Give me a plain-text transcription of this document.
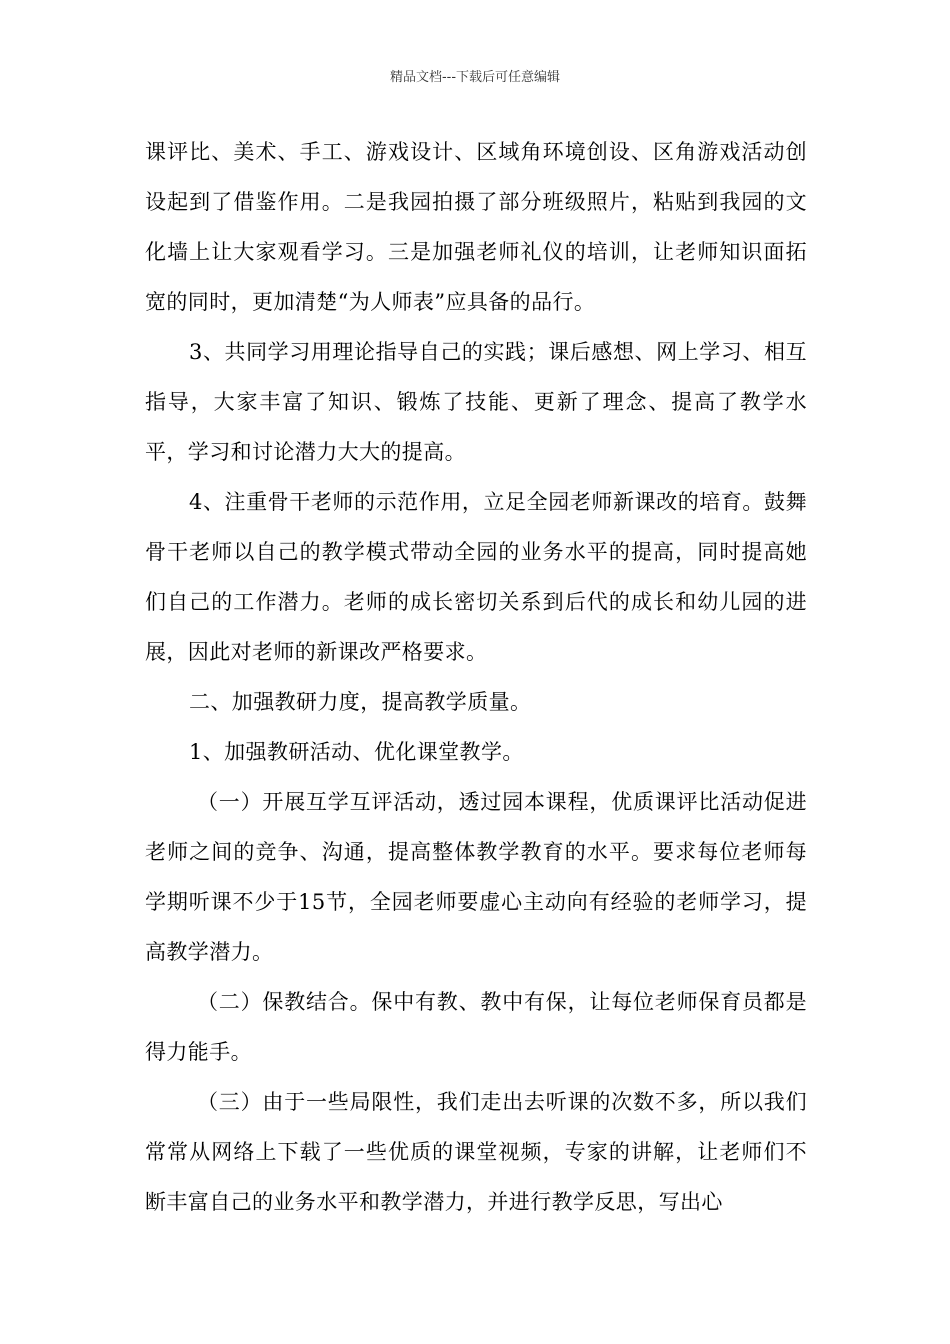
精品文档---下载后可任意编辑

课评比、美术、手工、游戏设计、区域角环境创设、区角游戏活动创设起到了借鉴作用。二是我园拍摄了部分班级照片，粘贴到我园的文化墙上让大家观看学习。三是加强老师礼仪的培训，让老师知识面拓宽的同时，更加清楚“为人师表”应具备的品行。

3、共同学习用理论指导自己的实践；课后感想、网上学习、相互指导，大家丰富了知识、锻炼了技能、更新了理念、提高了教学水平，学习和讨论潜力大大的提高。

4、注重骨干老师的示范作用，立足全园老师新课改的培育。鼓舞骨干老师以自己的教学模式带动全园的业务水平的提高，同时提高她们自己的工作潜力。老师的成长密切关系到后代的成长和幼儿园的进展，因此对老师的新课改严格要求。

二、加强教研力度，提高教学质量。

1、加强教研活动、优化课堂教学。

（一）开展互学互评活动，透过园本课程，优质课评比活动促进老师之间的竞争、沟通，提高整体教学教育的水平。要求每位老师每学期听课不少于15节，全园老师要虚心主动向有经验的老师学习，提高教学潜力。

（二）保教结合。保中有教、教中有保，让每位老师保育员都是得力能手。

（三）由于一些局限性，我们走出去听课的次数不多，所以我们常常从网络上下载了一些优质的课堂视频，专家的讲解，让老师们不断丰富自己的业务水平和教学潜力，并进行教学反思，写出心
